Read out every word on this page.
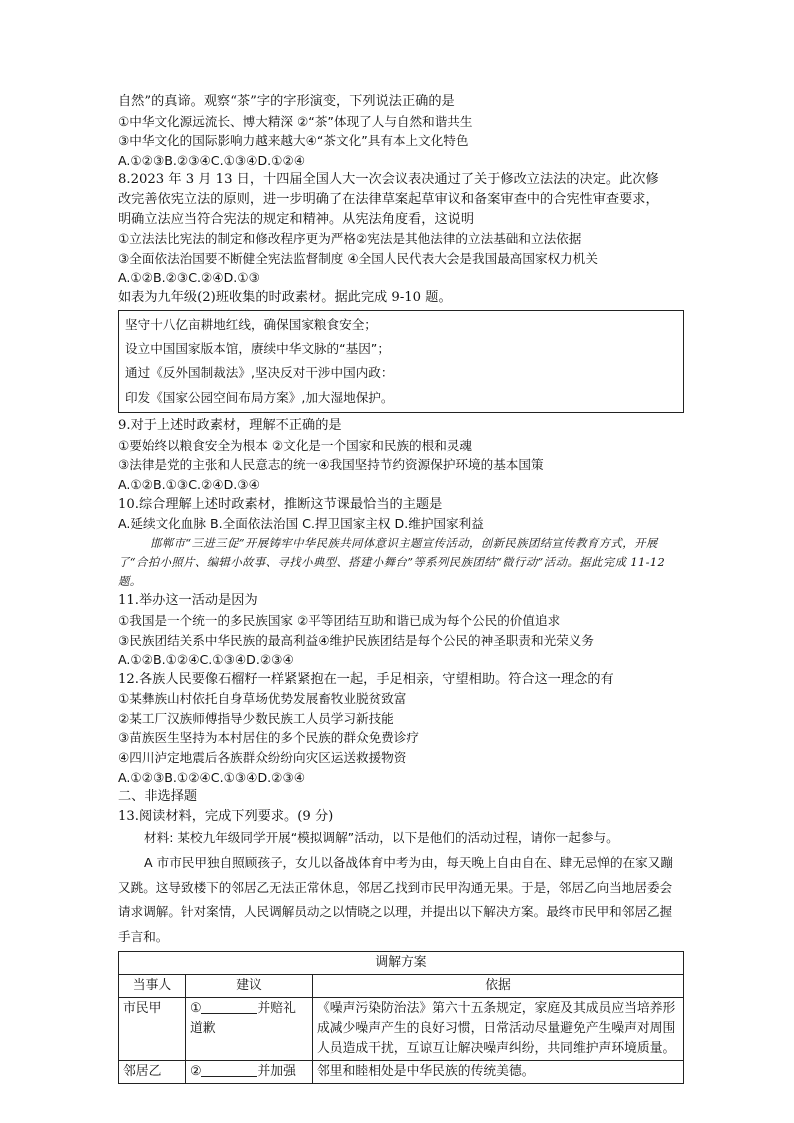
自然”的真谛。观察“茶”字的字形演变，下列说法正确的是
①中华文化源远流长、博大精深 ②“茶”体现了人与自然和谐共生
③中华文化的国际影响力越来越大④“茶文化”具有本上文化特色
A.①②③B.②③④C.①③④D.①②④
8.2023 年 3 月 13 日，十四届全国人大一次会议表决通过了关于修改立法法的决定。此次修
改完善依宪立法的原则，进一步明确了在法律草案起草审议和备案审查中的合宪性审查要求，
明确立法应当符合宪法的规定和精神。从宪法角度看，这说明
①立法法比宪法的制定和修改程序更为严格②宪法是其他法律的立法基础和立法依据
③全面依法治国要不断健全宪法监督制度 ④全国人民代表大会是我国最高国家权力机关
A.①②B.②③C.②④D.①③
如表为九年级(2)班收集的时政素材。据此完成 9-10 题。
坚守十八亿亩耕地红线，确保国家粮食安全；
设立中国国家版本馆，赓续中华文脉的“基因”；
通过《反外国制裁法》,坚决反对干涉中国内政：
印发《国家公园空间布局方案》,加大湿地保护。
9.对于上述时政素材，理解不正确的是
①要始终以粮食安全为根本 ②文化是一个国家和民族的根和灵魂
③法律是党的主张和人民意志的统一④我国坚持节约资源保护环境的基本国策
A.①②B.①③C.②④D.③④
10.综合理解上述时政素材，推断这节课最恰当的主题是
A.延续文化血脉 B.全面依法治国 C.捍卫国家主权 D.维护国家利益
邯郸市“三进三促”开展铸牢中华民族共同体意识主题宣传活动，创新民族团结宣传教育方式，开展了“合拍小照片、编辑小故事、寻找小典型、搭建小舞台”等系列民族团结“微行动”活动。据此完成 11-12 题。
11.举办这一活动是因为
①我国是一个统一的多民族国家 ②平等团结互助和谐已成为每个公民的价值追求
③民族团结关系中华民族的最高利益④维护民族团结是每个公民的神圣职责和光荣义务
A.①②B.①②④C.①③④D.②③④
12.各族人民要像石榴籽一样紧紧抱在一起，手足相亲，守望相助。符合这一理念的有
①某彝族山村依托自身草场优势发展畜牧业脱贫致富
②某工厂汉族师傅指导少数民族工人员学习新技能
③苗族医生坚持为本村居住的多个民族的群众免费诊疗
④四川泸定地震后各族群众纷纷向灾区运送救援物资
A.①②③B.①②④C.①③④D.②③④
二、非选择题
13.阅读材料，完成下列要求。(9 分)
材料: 某校九年级同学开展“模拟调解”活动，以下是他们的活动过程，请你一起参与。
A 市市民甲独自照顾孩子，女儿以备战体育中考为由，每天晚上自由自在、肆无忌惮的在家又蹦又跳。这导致楼下的邻居乙无法正常休息，邻居乙找到市民甲沟通无果。于是，邻居乙向当地居委会请求调解。针对案情，人民调解员动之以情晓之以理，并提出以下解决方案。最终市民甲和邻居乙握手言和。
调解方案		
当事人	建议	依据
市民甲	① 并赔礼道歉	《噪声污染防治法》第六十五条规定，家庭及其成员应当培养形成减少噪声产生的良好习惯，日常活动尽量避免产生噪声对周围人员造成干扰，互谅互让解决噪声纠纷，共同维护声环境质量。
邻居乙	② 并加强	邻里和睦相处是中华民族的传统美德。
